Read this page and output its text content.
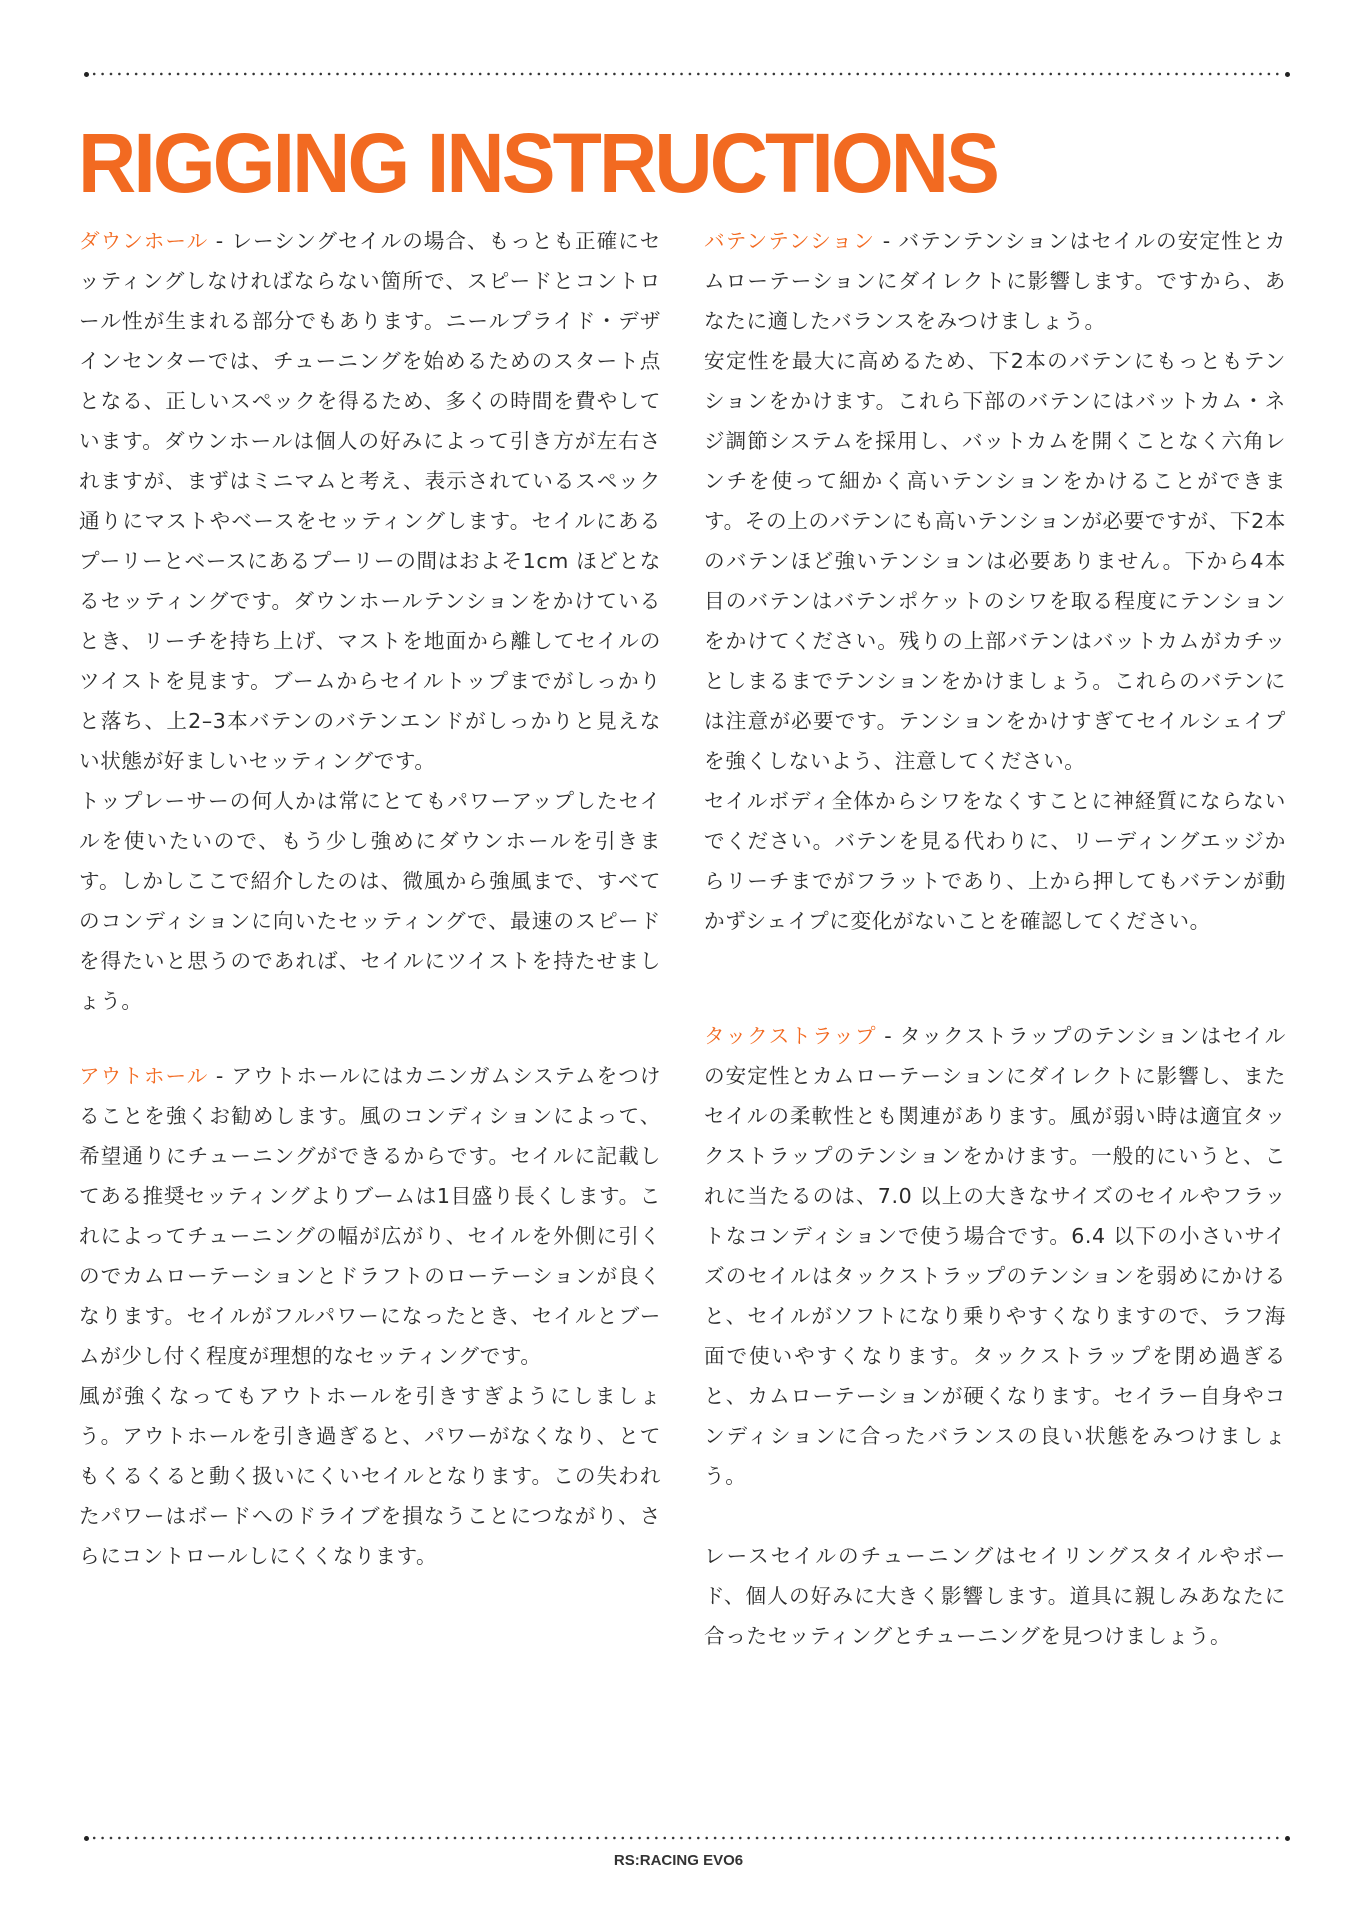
RIGGING INSTRUCTIONS

ダウンホール - レーシングセイルの場合、もっとも正確にセッティングしなければならない箇所で、スピードとコントロール性が生まれる部分でもあります。ニールプライド・デザインセンターでは、チューニングを始めるためのスタート点となる、正しいスペックを得るため、多くの時間を費やしています。ダウンホールは個人の好みによって引き方が左右されますが、まずはミニマムと考え、表示されているスペック通りにマストやベースをセッティングします。セイルにあるプーリーとベースにあるプーリーの間はおよそ1cm ほどとなるセッティングです。ダウンホールテンションをかけているとき、リーチを持ち上げ、マストを地面から離してセイルのツイストを見ます。ブームからセイルトップまでがしっかりと落ち、上2–3本バテンのバテンエンドがしっかりと見えない状態が好ましいセッティングです。

トップレーサーの何人かは常にとてもパワーアップしたセイルを使いたいので、もう少し強めにダウンホールを引きます。しかしここで紹介したのは、微風から強風まで、すべてのコンディションに向いたセッティングで、最速のスピードを得たいと思うのであれば、セイルにツイストを持たせましょう。

アウトホール - アウトホールにはカニンガムシステムをつけることを強くお勧めします。風のコンディションによって、希望通りにチューニングができるからです。セイルに記載してある推奨セッティングよりブームは1目盛り長くします。これによってチューニングの幅が広がり、セイルを外側に引くのでカムローテーションとドラフトのローテーションが良くなります。セイルがフルパワーになったとき、セイルとブームが少し付く程度が理想的なセッティングです。

風が強くなってもアウトホールを引きすぎようにしましょう。アウトホールを引き過ぎると、パワーがなくなり、とてもくるくると動く扱いにくいセイルとなります。この失われたパワーはボードへのドライブを損なうことにつながり、さらにコントロールしにくくなります。

バテンテンション - バテンテンションはセイルの安定性とカムローテーションにダイレクトに影響します。ですから、あなたに適したバランスをみつけましょう。

安定性を最大に高めるため、下2本のバテンにもっともテンションをかけます。これら下部のバテンにはバットカム・ネジ調節システムを採用し、バットカムを開くことなく六角レンチを使って細かく高いテンションをかけることができます。その上のバテンにも高いテンションが必要ですが、下2本のバテンほど強いテンションは必要ありません。下から4本目のバテンはバテンポケットのシワを取る程度にテンションをかけてください。残りの上部バテンはバットカムがカチッとしまるまでテンションをかけましょう。これらのバテンには注意が必要です。テンションをかけすぎてセイルシェイプを強くしないよう、注意してください。

セイルボディ全体からシワをなくすことに神経質にならないでください。バテンを見る代わりに、リーディングエッジからリーチまでがフラットであり、上から押してもバテンが動かずシェイプに変化がないことを確認してください。

タックストラップ - タックストラップのテンションはセイルの安定性とカムローテーションにダイレクトに影響し、またセイルの柔軟性とも関連があります。風が弱い時は適宜タックストラップのテンションをかけます。一般的にいうと、これに当たるのは、7.0 以上の大きなサイズのセイルやフラットなコンディションで使う場合です。6.4 以下の小さいサイズのセイルはタックストラップのテンションを弱めにかけると、セイルがソフトになり乗りやすくなりますので、ラフ海面で使いやすくなります。タックストラップを閉め過ぎると、カムローテーションが硬くなります。セイラー自身やコンディションに合ったバランスの良い状態をみつけましょう。

レースセイルのチューニングはセイリングスタイルやボード、個人の好みに大きく影響します。道具に親しみあなたに合ったセッティングとチューニングを見つけましょう。

RS:RACING EVO6
